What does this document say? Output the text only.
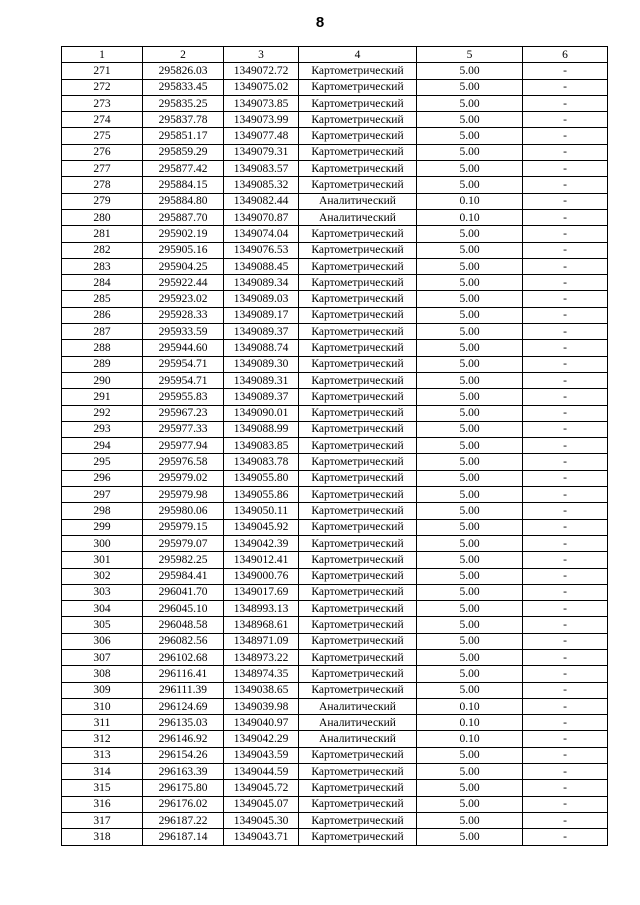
8
1	2	3	4	5	6
271	295826.03	1349072.72	Картометрический	5.00	-
272	295833.45	1349075.02	Картометрический	5.00	-
273	295835.25	1349073.85	Картометрический	5.00	-
274	295837.78	1349073.99	Картометрический	5.00	-
275	295851.17	1349077.48	Картометрический	5.00	-
276	295859.29	1349079.31	Картометрический	5.00	-
277	295877.42	1349083.57	Картометрический	5.00	-
278	295884.15	1349085.32	Картометрический	5.00	-
279	295884.80	1349082.44	Аналитический	0.10	-
280	295887.70	1349070.87	Аналитический	0.10	-
281	295902.19	1349074.04	Картометрический	5.00	-
282	295905.16	1349076.53	Картометрический	5.00	-
283	295904.25	1349088.45	Картометрический	5.00	-
284	295922.44	1349089.34	Картометрический	5.00	-
285	295923.02	1349089.03	Картометрический	5.00	-
286	295928.33	1349089.17	Картометрический	5.00	-
287	295933.59	1349089.37	Картометрический	5.00	-
288	295944.60	1349088.74	Картометрический	5.00	-
289	295954.71	1349089.30	Картометрический	5.00	-
290	295954.71	1349089.31	Картометрический	5.00	-
291	295955.83	1349089.37	Картометрический	5.00	-
292	295967.23	1349090.01	Картометрический	5.00	-
293	295977.33	1349088.99	Картометрический	5.00	-
294	295977.94	1349083.85	Картометрический	5.00	-
295	295976.58	1349083.78	Картометрический	5.00	-
296	295979.02	1349055.80	Картометрический	5.00	-
297	295979.98	1349055.86	Картометрический	5.00	-
298	295980.06	1349050.11	Картометрический	5.00	-
299	295979.15	1349045.92	Картометрический	5.00	-
300	295979.07	1349042.39	Картометрический	5.00	-
301	295982.25	1349012.41	Картометрический	5.00	-
302	295984.41	1349000.76	Картометрический	5.00	-
303	296041.70	1349017.69	Картометрический	5.00	-
304	296045.10	1348993.13	Картометрический	5.00	-
305	296048.58	1348968.61	Картометрический	5.00	-
306	296082.56	1348971.09	Картометрический	5.00	-
307	296102.68	1348973.22	Картометрический	5.00	-
308	296116.41	1348974.35	Картометрический	5.00	-
309	296111.39	1349038.65	Картометрический	5.00	-
310	296124.69	1349039.98	Аналитический	0.10	-
311	296135.03	1349040.97	Аналитический	0.10	-
312	296146.92	1349042.29	Аналитический	0.10	-
313	296154.26	1349043.59	Картометрический	5.00	-
314	296163.39	1349044.59	Картометрический	5.00	-
315	296175.80	1349045.72	Картометрический	5.00	-
316	296176.02	1349045.07	Картометрический	5.00	-
317	296187.22	1349045.30	Картометрический	5.00	-
318	296187.14	1349043.71	Картометрический	5.00	-
